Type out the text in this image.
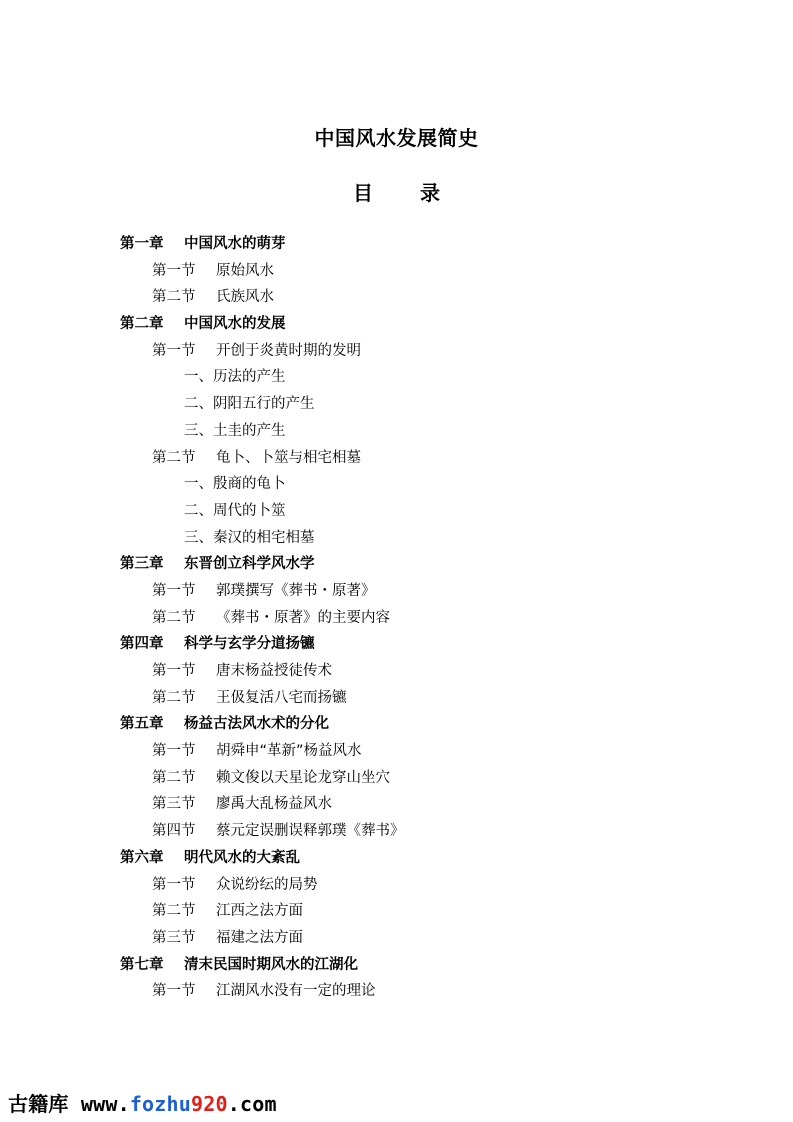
中国风水发展简史
目 录
第一章 中国风水的萌芽
第一节 原始风水
第二节 氏族风水
第二章 中国风水的发展
第一节 开创于炎黄时期的发明
一、历法的产生
二、阴阳五行的产生
三、土圭的产生
第二节 龟卜、卜筮与相宅相墓
一、殷商的龟卜
二、周代的卜筮
三、秦汉的相宅相墓
第三章 东晋创立科学风水学
第一节 郭璞撰写《葬书・原著》
第二节 《葬书・原著》的主要内容
第四章 科学与玄学分道扬镳
第一节 唐末杨益授徒传术
第二节 王伋复活八宅而扬镳
第五章 杨益古法风水术的分化
第一节 胡舜申“革新”杨益风水
第二节 赖文俊以天星论龙穿山坐穴
第三节 廖禹大乱杨益风水
第四节 蔡元定误删误释郭璞《葬书》
第六章 明代风水的大紊乱
第一节 众说纷纭的局势
第二节 江西之法方面
第三节 福建之法方面
第七章 清末民国时期风水的江湖化
第一节 江湖风水没有一定的理论
古籍库 www.fozhu920.com
